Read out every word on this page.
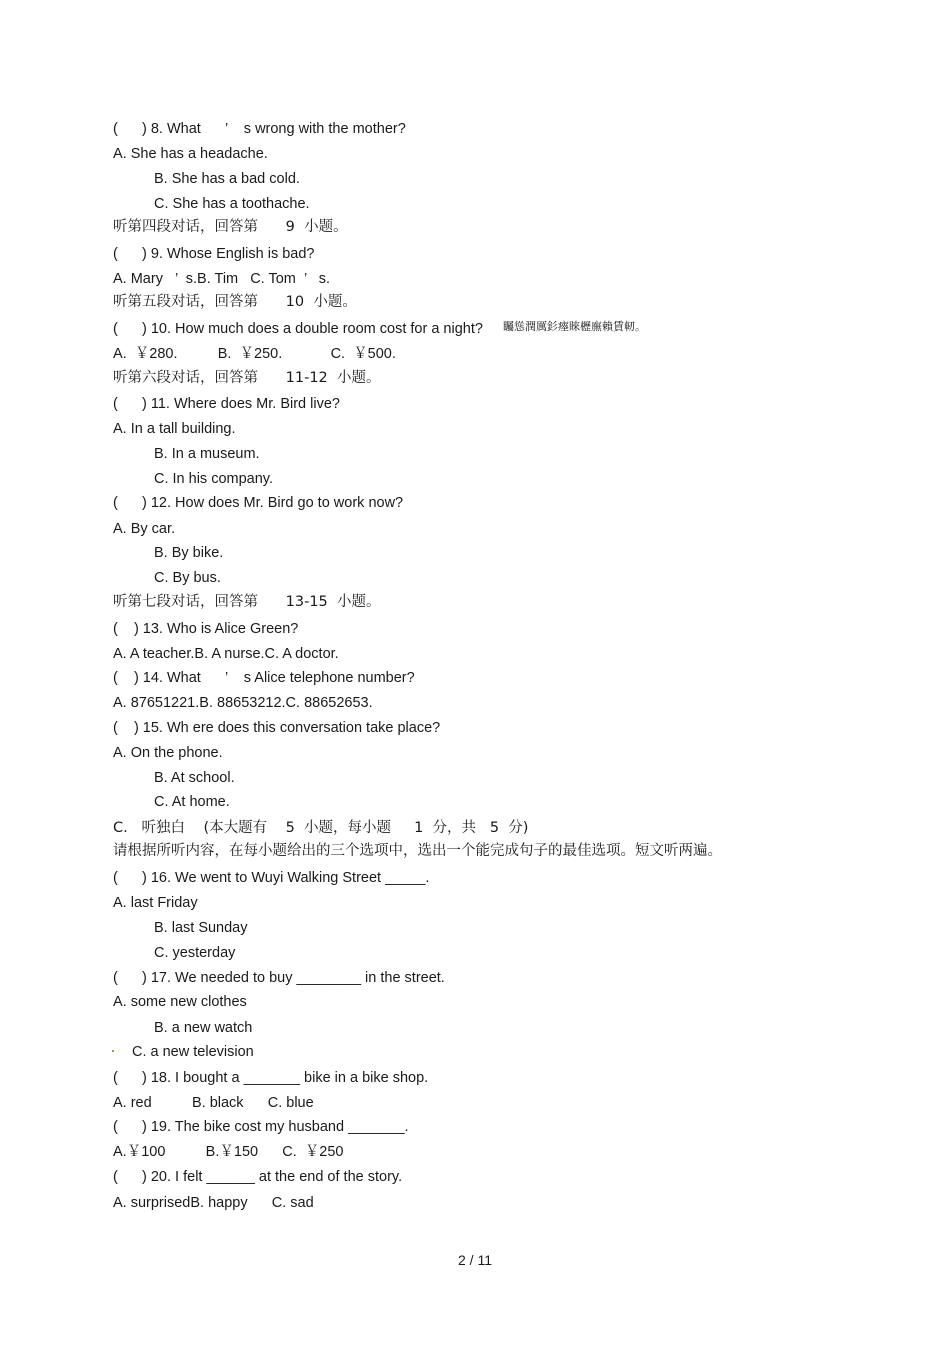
(      ) 8. What      ’    s wrong with the mother?
A. She has a headache.
B. She has a bad cold.
C. She has a toothache.
听第四段对话，回答第      9  小题。
(      ) 9. Whose English is bad?
A. Mary   ’  s.B. Tim   C. Tom  ’   s.
听第五段对话，回答第      10  小题。
(      ) 10. How much does a double room cost for a night? 矚慫潤厲釤瘞睞櫪廡賴賃軔。
A.  ￥280.          B.  ￥250.            C.  ￥500.
听第六段对话，回答第      11-12  小题。
(      ) 11. Where does Mr. Bird live?
A. In a tall building.
B. In a museum.
C. In his company.
(      ) 12. How does Mr. Bird go to work now?
A. By car.
B. By bike.
C. By bus.
听第七段对话，回答第      13-15  小题。
(    ) 13. Who is Alice Green?
A. A teacher.B. A nurse.C. A doctor.
(    ) 14. What      ’    s Alice telephone number?
A. 87651221.B. 88653212.C. 88652653.
(    ) 15. Wh ere does this conversation take place?
A. On the phone.
B. At school.
C. At home.
C.   听独白    (本大题有    5  小题，每小题     1  分，共   5  分)
请根据所听内容，在每小题给出的三个选项中，选出一个能完成句子的最佳选项。短文听两遍。
(      ) 16. We went to Wuyi Walking Street _____.
A. last Friday
B. last Sunday
C. yesterday
(      ) 17. We needed to buy ________ in the street.
A. some new clothes
B. a new watch
C. a new television
(      ) 18. I bought a _______ bike in a bike shop.
A. red          B. black      C. blue
(      ) 19. The bike cost my husband _______.
A.￥100          B.￥150      C.  ￥250
(      ) 20. I felt ______ at the end of the story.
A. surprisedB. happy      C. sad
2 / 11
